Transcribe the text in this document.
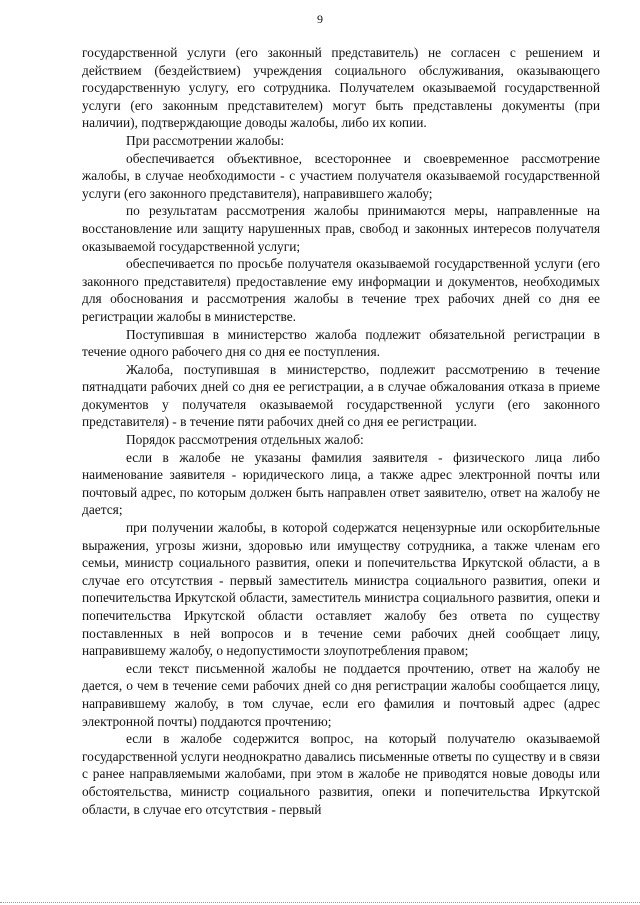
9

государственной услуги (его законный представитель) не согласен с решением и действием (бездействием) учреждения социального обслуживания, оказывающего государственную услугу, его сотрудника. Получателем оказываемой государственной услуги (его законным представителем) могут быть представлены документы (при наличии), подтверждающие доводы жалобы, либо их копии.

При рассмотрении жалобы:

обеспечивается объективное, всестороннее и своевременное рассмотрение жалобы, в случае необходимости - с участием получателя оказываемой государственной услуги (его законного представителя), направившего жалобу;

по результатам рассмотрения жалобы принимаются меры, направленные на восстановление или защиту нарушенных прав, свобод и законных интересов получателя оказываемой государственной услуги;

обеспечивается по просьбе получателя оказываемой государственной услуги (его законного представителя) предоставление ему информации и документов, необходимых для обоснования и рассмотрения жалобы в течение трех рабочих дней со дня ее регистрации жалобы в министерстве.

Поступившая в министерство жалоба подлежит обязательной регистрации в течение одного рабочего дня со дня ее поступления.

Жалоба, поступившая в министерство, подлежит рассмотрению в течение пятнадцати рабочих дней со дня ее регистрации, а в случае обжалования отказа в приеме документов у получателя оказываемой государственной услуги (его законного представителя) - в течение пяти рабочих дней со дня ее регистрации.

Порядок рассмотрения отдельных жалоб:

если в жалобе не указаны фамилия заявителя - физического лица либо наименование заявителя - юридического лица, а также адрес электронной почты или почтовый адрес, по которым должен быть направлен ответ заявителю, ответ на жалобу не дается;

при получении жалобы, в которой содержатся нецензурные или оскорбительные выражения, угрозы жизни, здоровью или имуществу сотрудника, а также членам его семьи, министр социального развития, опеки и попечительства Иркутской области, а в случае его отсутствия - первый заместитель министра социального развития, опеки и попечительства Иркутской области, заместитель министра социального развития, опеки и попечительства Иркутской области оставляет жалобу без ответа по существу поставленных в ней вопросов и в течение семи рабочих дней сообщает лицу, направившему жалобу, о недопустимости злоупотребления правом;

если текст письменной жалобы не поддается прочтению, ответ на жалобу не дается, о чем в течение семи рабочих дней со дня регистрации жалобы сообщается лицу, направившему жалобу, в том случае, если его фамилия и почтовый адрес (адрес электронной почты) поддаются прочтению;

если в жалобе содержится вопрос, на который получателю оказываемой государственной услуги неоднократно давались письменные ответы по существу и в связи с ранее направляемыми жалобами, при этом в жалобе не приводятся новые доводы или обстоятельства, министр социального развития, опеки и попечительства Иркутской области, в случае его отсутствия - первый
